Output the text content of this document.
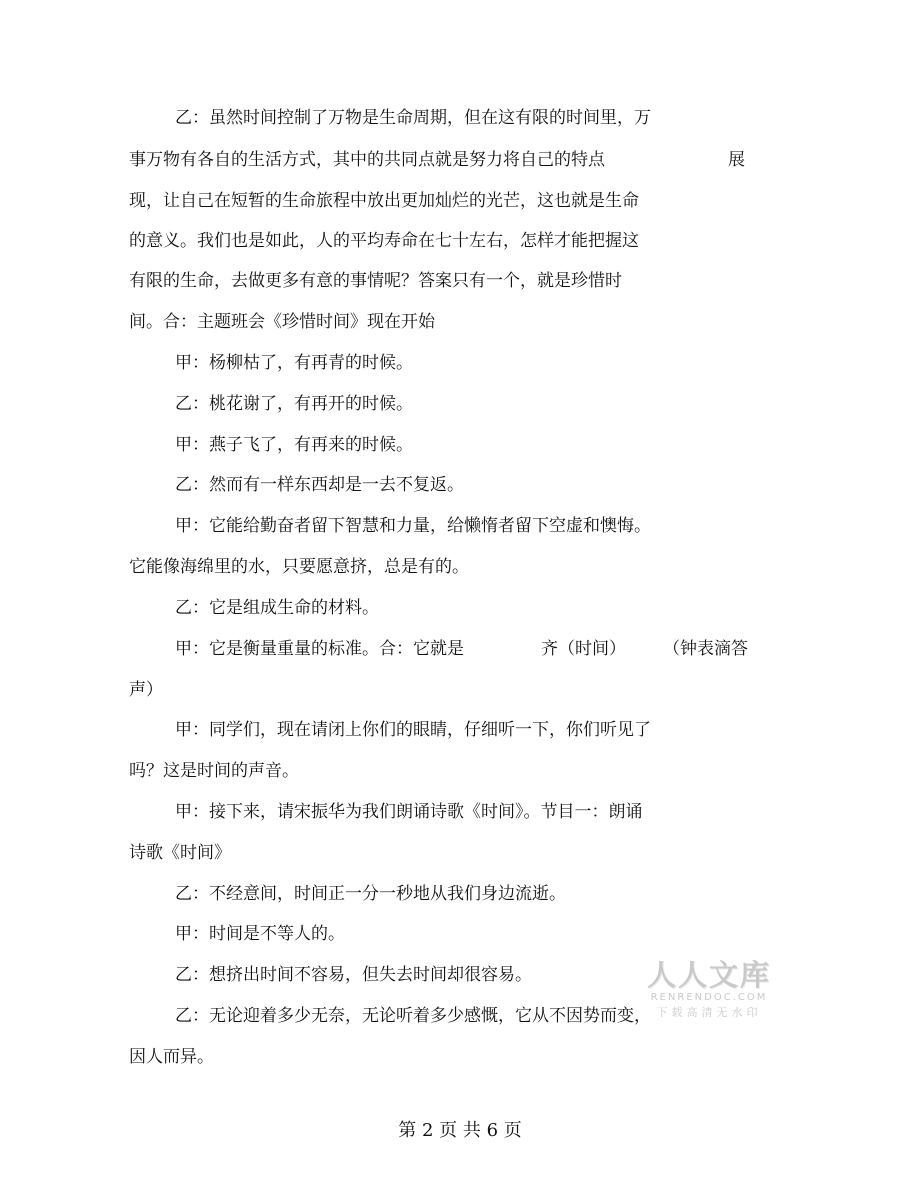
乙：虽然时间控制了万物是生命周期，但在这有限的时间里，万

事万物有各自的生活方式，其中的共同点就是努力将自己的特点	展

现，让自己在短暂的生命旅程中放出更加灿烂的光芒，这也就是生命

的意义。我们也是如此，人的平均寿命在七十左右，怎样才能把握这

有限的生命，去做更多有意的事情呢？答案只有一个，就是珍惜时

间。合：主题班会《珍惜时间》现在开始

甲：杨柳枯了，有再青的时候。

乙：桃花谢了，有再开的时候。

甲：燕子飞了，有再来的时候。

乙：然而有一样东西却是一去不复返。

甲：它能给勤奋者留下智慧和力量，给懒惰者留下空虚和懊悔。

它能像海绵里的水，只要愿意挤，总是有的。

乙：它是组成生命的材料。

甲：它是衡量重量的标准。合：它就是	齐（时间） （钟表滴答

声）

甲：同学们，现在请闭上你们的眼睛，仔细听一下，你们听见了

吗？这是时间的声音。

甲：接下来，请宋振华为我们朗诵诗歌《时间》。节目一：朗诵

诗歌《时间》

乙：不经意间，时间正一分一秒地从我们身边流逝。

甲：时间是不等人的。

乙：想挤出时间不容易，但失去时间却很容易。

乙：无论迎着多少无奈，无论听着多少感慨，它从不因势而变，

因人而异。

人人文库
RENRENDOC.COM
下载高清无水印
第 2 页 共 6 页
